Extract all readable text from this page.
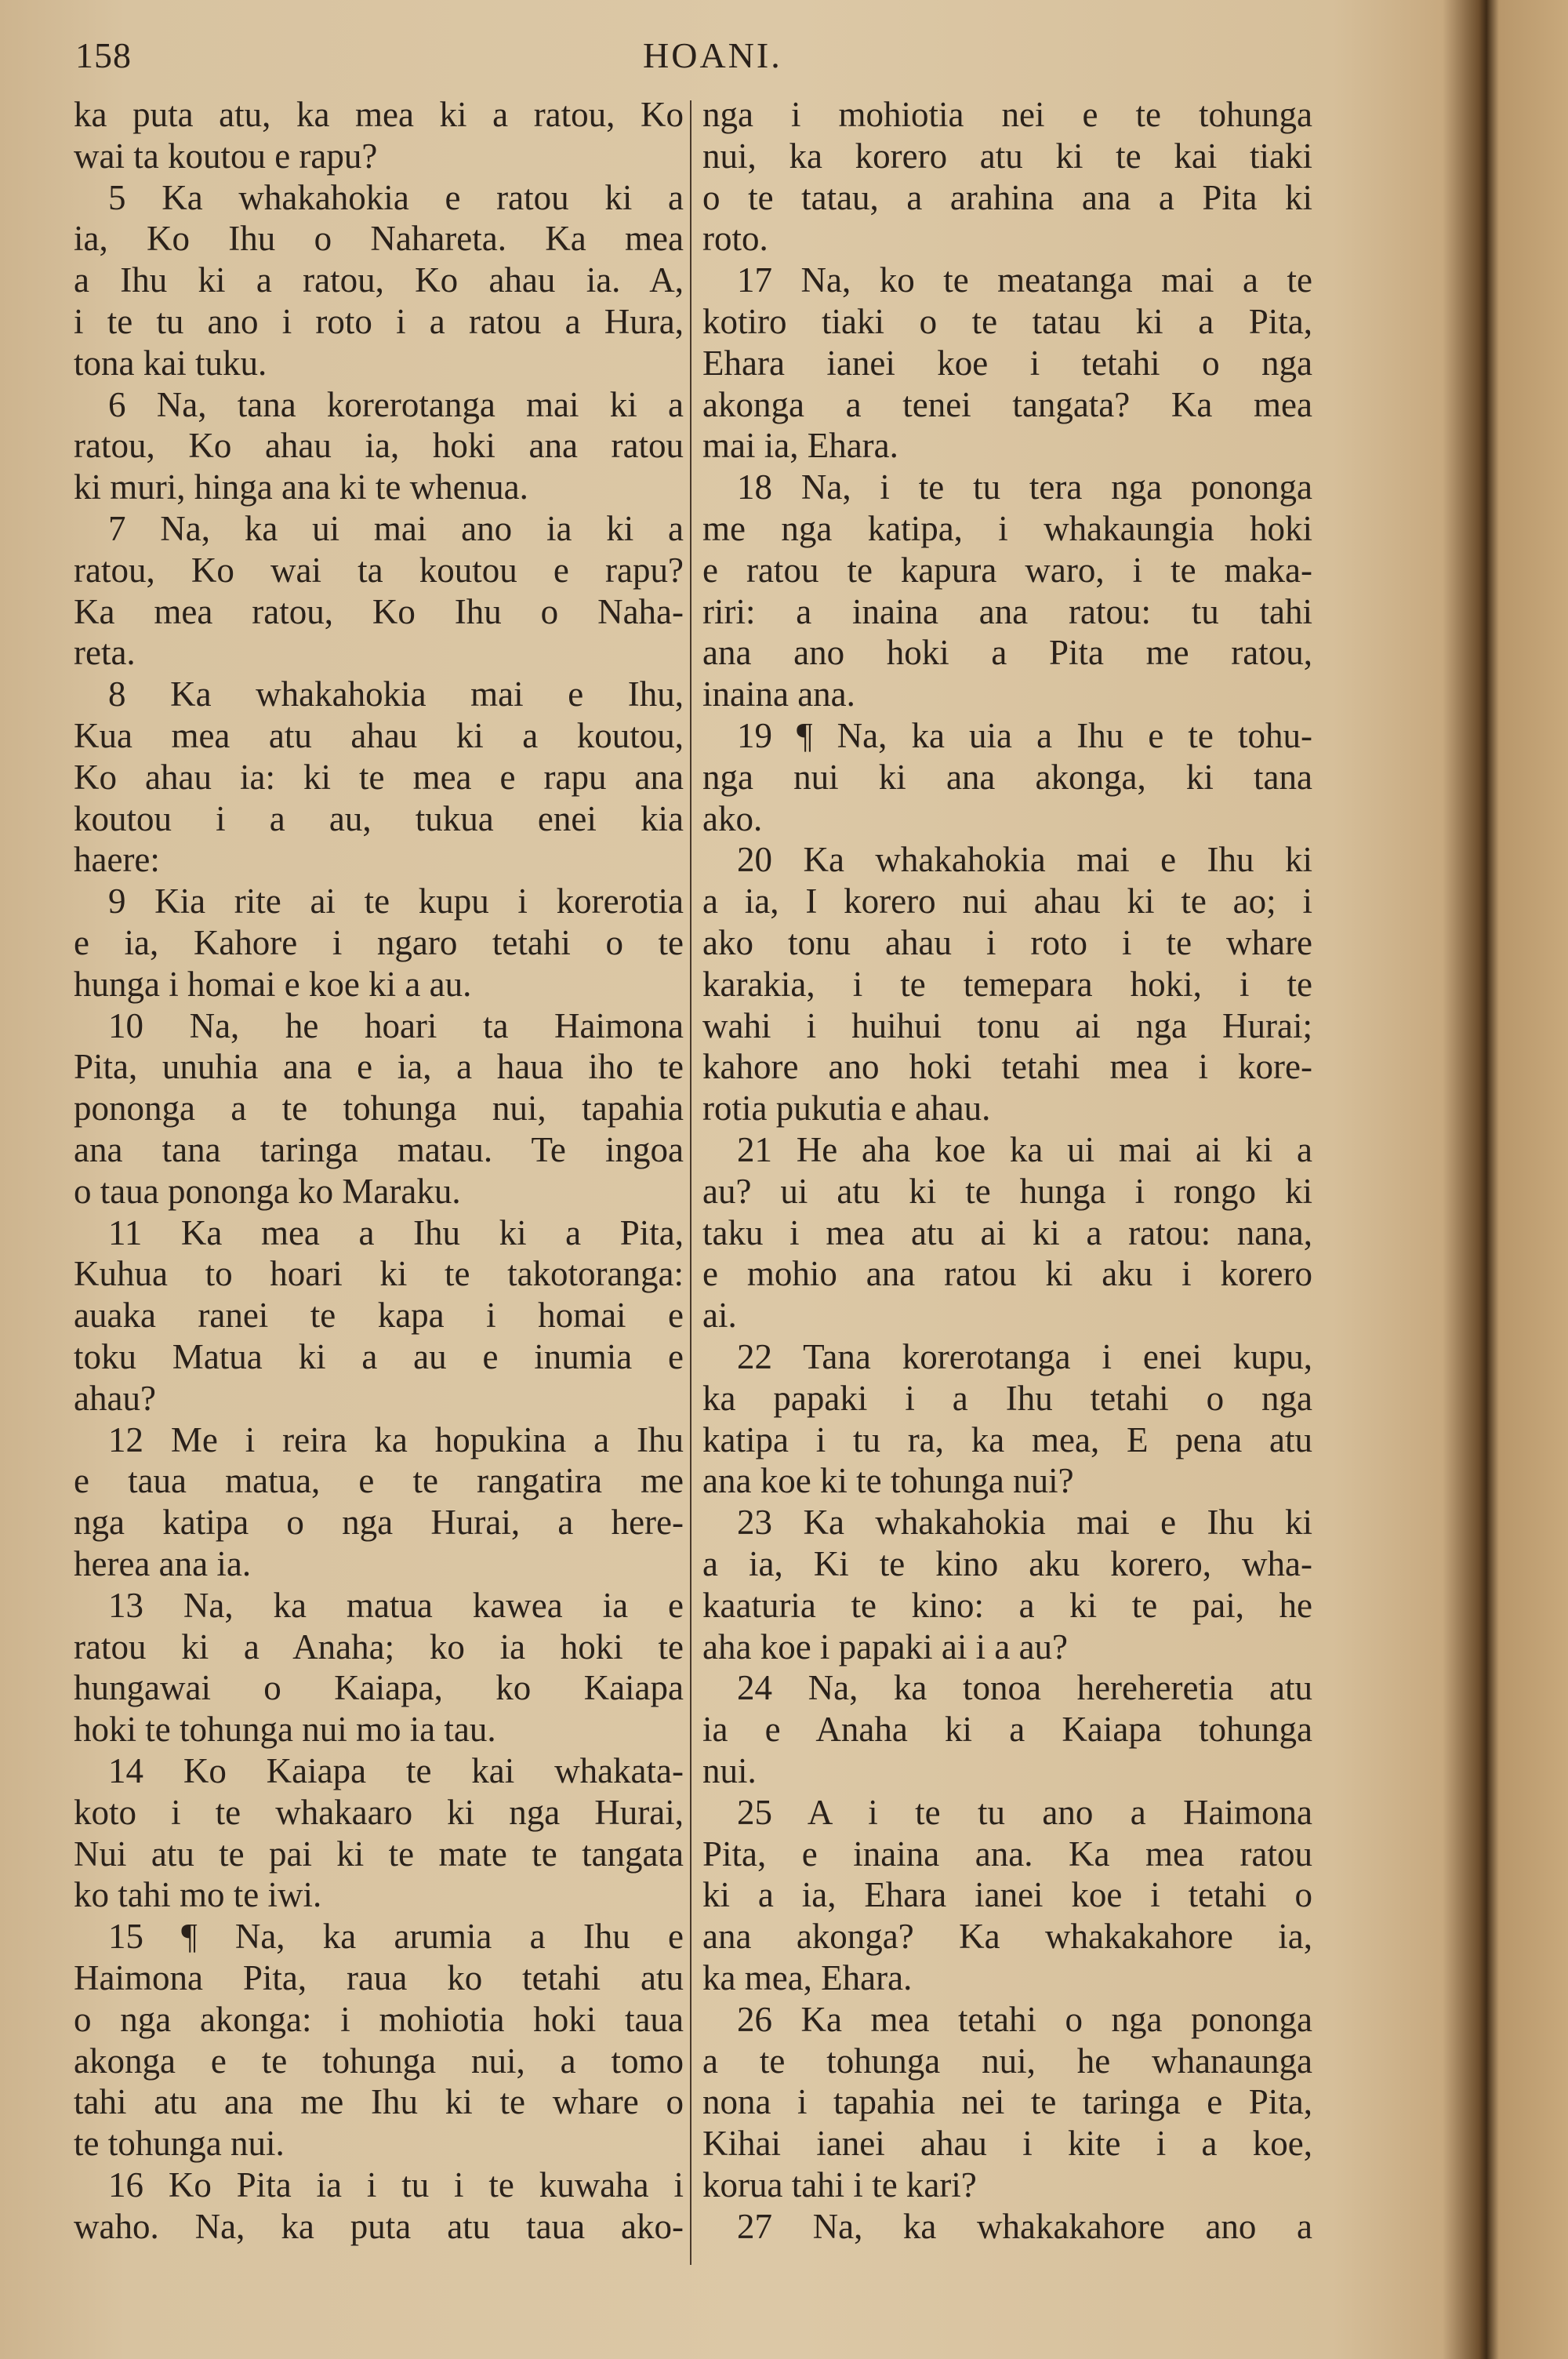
158	HOANI.
ka puta atu, ka mea ki a ratou, Ko
wai ta koutou e rapu?
5 Ka whakahokia e ratou ki a
ia, Ko Ihu o Nahareta. Ka mea
a Ihu ki a ratou, Ko ahau ia. A,
i te tu ano i roto i a ratou a Hura,
tona kai tuku.
6 Na, tana korerotanga mai ki a
ratou, Ko ahau ia, hoki ana ratou
ki muri, hinga ana ki te whenua.
7 Na, ka ui mai ano ia ki a
ratou, Ko wai ta koutou e rapu?
Ka mea ratou, Ko Ihu o Naha-
reta.
8 Ka whakahokia mai e Ihu,
Kua mea atu ahau ki a koutou,
Ko ahau ia: ki te mea e rapu ana
koutou i a au, tukua enei kia
haere:
9 Kia rite ai te kupu i korerotia
e ia, Kahore i ngaro tetahi o te
hunga i homai e koe ki a au.
10 Na, he hoari ta Haimona
Pita, unuhia ana e ia, a haua iho te
pononga a te tohunga nui, tapahia
ana tana taringa matau. Te ingoa
o taua pononga ko Maraku.
11 Ka mea a Ihu ki a Pita,
Kuhua to hoari ki te takotoranga:
auaka ranei te kapa i homai e
toku Matua ki a au e inumia e
ahau?
12 Me i reira ka hopukina a Ihu
e taua matua, e te rangatira me
nga katipa o nga Hurai, a here-
herea ana ia.
13 Na, ka matua kawea ia e
ratou ki a Anaha; ko ia hoki te
hungawai o Kaiapa, ko Kaiapa
hoki te tohunga nui mo ia tau.
14 Ko Kaiapa te kai whakata-
koto i te whakaaro ki nga Hurai,
Nui atu te pai ki te mate te tangata
ko tahi mo te iwi.
15 ¶ Na, ka arumia a Ihu e
Haimona Pita, raua ko tetahi atu
o nga akonga: i mohiotia hoki taua
akonga e te tohunga nui, a tomo
tahi atu ana me Ihu ki te whare o
te tohunga nui.
16 Ko Pita ia i tu i te kuwaha i
waho. Na, ka puta atu taua ako-
nga i mohiotia nei e te tohunga
nui, ka korero atu ki te kai tiaki
o te tatau, a arahina ana a Pita ki
roto.
17 Na, ko te meatanga mai a te
kotiro tiaki o te tatau ki a Pita,
Ehara ianei koe i tetahi o nga
akonga a tenei tangata? Ka mea
mai ia, Ehara.
18 Na, i te tu tera nga pononga
me nga katipa, i whakaungia hoki
e ratou te kapura waro, i te maka-
riri: a inaina ana ratou: tu tahi
ana ano hoki a Pita me ratou,
inaina ana.
19 ¶ Na, ka uia a Ihu e te tohu-
nga nui ki ana akonga, ki tana
ako.
20 Ka whakahokia mai e Ihu ki
a ia, I korero nui ahau ki te ao; i
ako tonu ahau i roto i te whare
karakia, i te temepara hoki, i te
wahi i huihui tonu ai nga Hurai;
kahore ano hoki tetahi mea i kore-
rotia pukutia e ahau.
21 He aha koe ka ui mai ai ki a
au? ui atu ki te hunga i rongo ki
taku i mea atu ai ki a ratou: nana,
e mohio ana ratou ki aku i korero
ai.
22 Tana korerotanga i enei kupu,
ka papaki i a Ihu tetahi o nga
katipa i tu ra, ka mea, E pena atu
ana koe ki te tohunga nui?
23 Ka whakahokia mai e Ihu ki
a ia, Ki te kino aku korero, wha-
kaaturia te kino: a ki te pai, he
aha koe i papaki ai i a au?
24 Na, ka tonoa hereheretia atu
ia e Anaha ki a Kaiapa tohunga
nui.
25 A i te tu ano a Haimona
Pita, e inaina ana. Ka mea ratou
ki a ia, Ehara ianei koe i tetahi o
ana akonga? Ka whakakahore ia,
ka mea, Ehara.
26 Ka mea tetahi o nga pononga
a te tohunga nui, he whanaunga
nona i tapahia nei te taringa e Pita,
Kihai ianei ahau i kite i a koe,
korua tahi i te kari?
27 Na, ka whakakahore ano a
